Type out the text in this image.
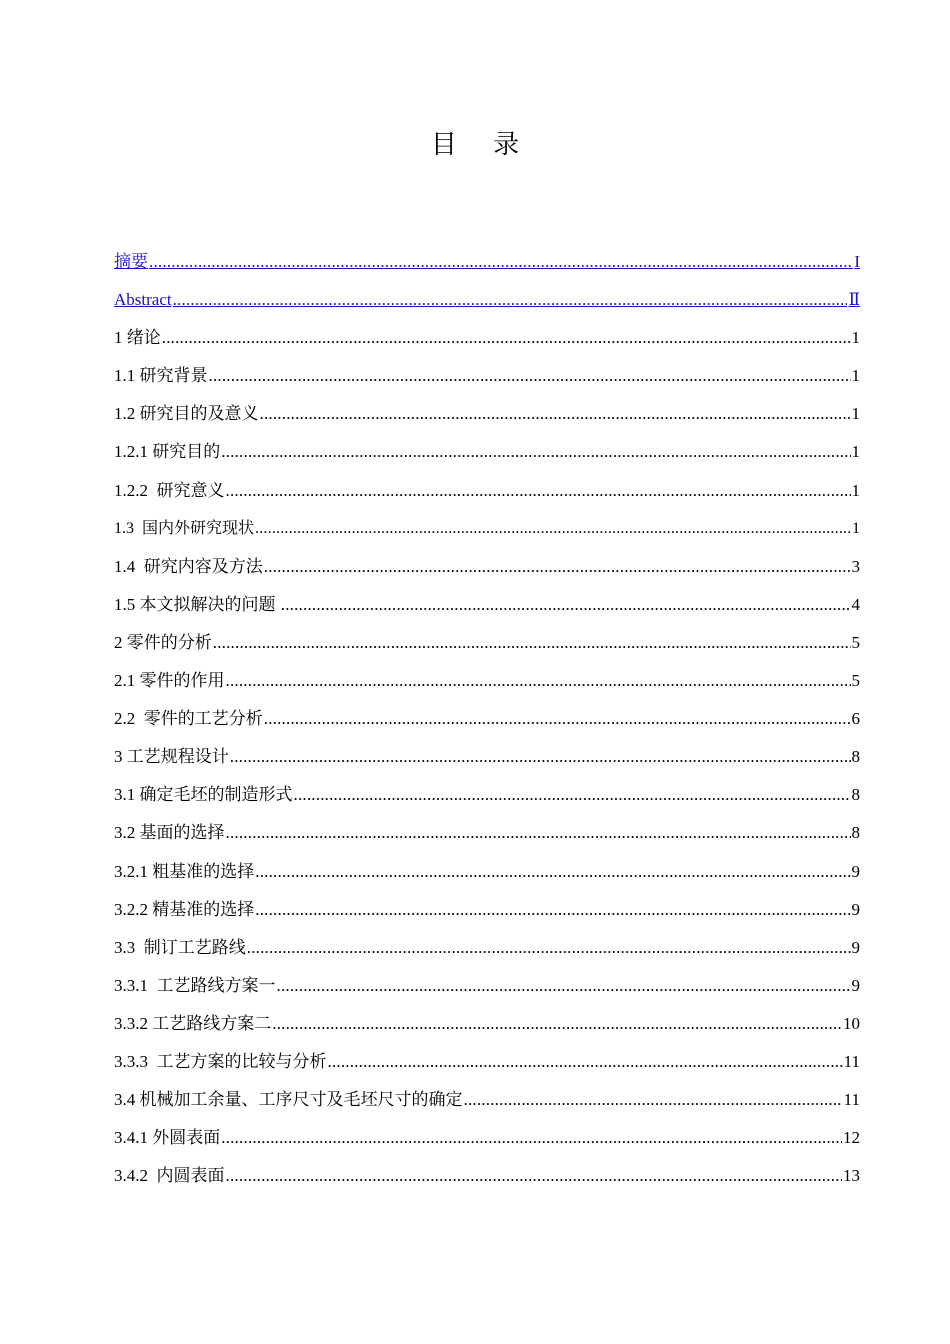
目 录
摘要 .....	I
Abstract .....	Ⅱ
1 绪论 .....	1
1.1 研究背景 .....	1
1.2 研究目的及意义 .....	1
1.2.1 研究目的 .....	1
1.2.2  研究意义 .....	1
1.3  国内外研究现状 .....	1
1.4  研究内容及方法 .....	3
1.5 本文拟解决的问题 .....	4
2 零件的分析 .....	5
2.1 零件的作用 .....	5
2.2  零件的工艺分析 .....	6
3 工艺规程设计 .....	8
3.1 确定毛坯的制造形式 .....	8
3.2 基面的选择 .....	8
3.2.1 粗基准的选择 .....	9
3.2.2 精基准的选择 .....	9
3.3  制订工艺路线 .....	9
3.3.1  工艺路线方案一 .....	9
3.3.2 工艺路线方案二 .....	10
3.3.3  工艺方案的比较与分析 .....	11
3.4 机械加工余量、工序尺寸及毛坯尺寸的确定 .....	11
3.4.1 外圆表面 .....	12
3.4.2  内圆表面 .....	13
